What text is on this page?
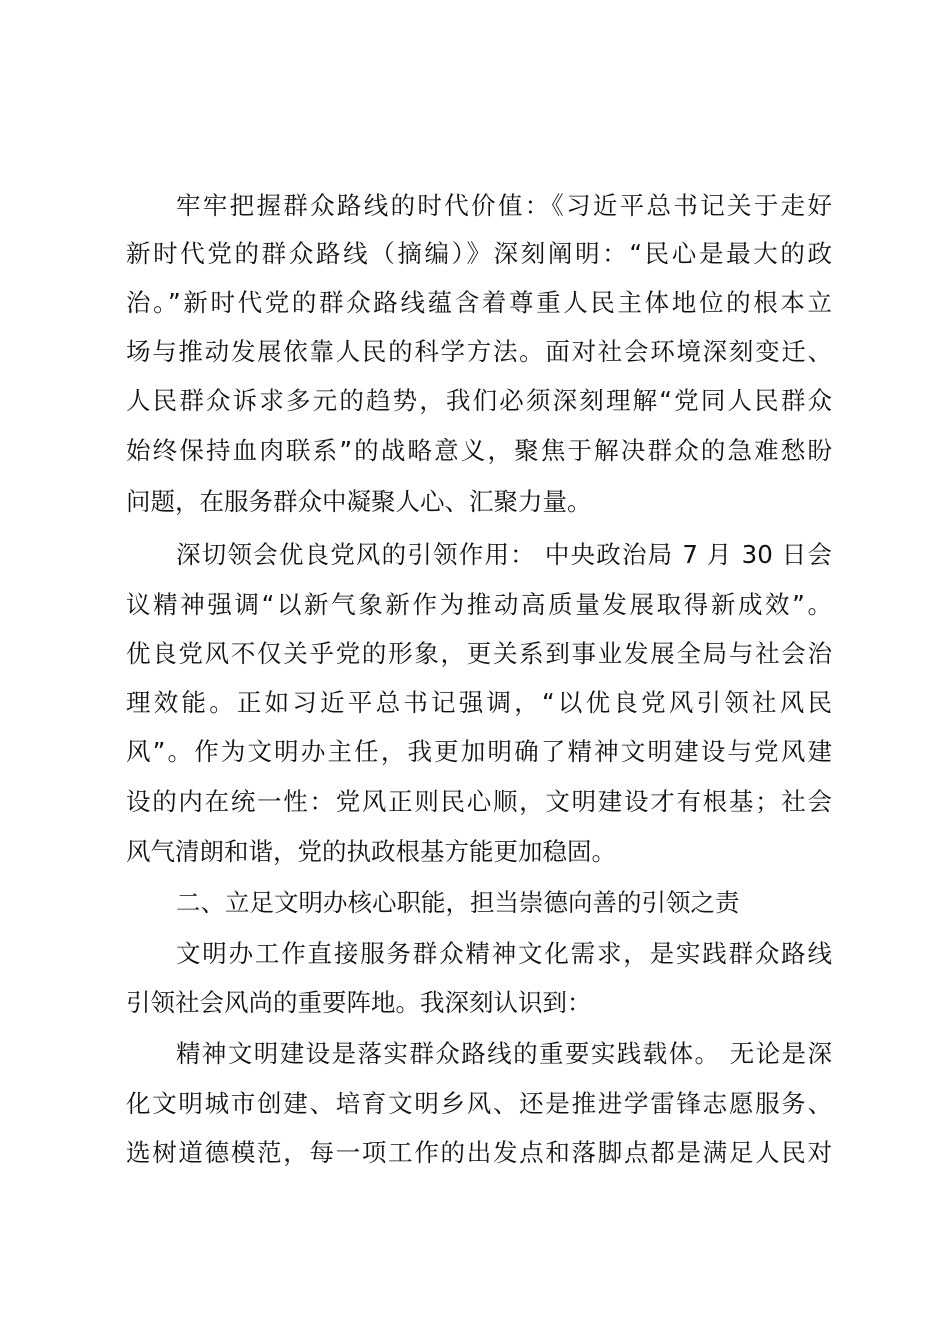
牢牢把握群众路线的时代价值：《习近平总书记关于走好
新时代党的群众路线（摘编）》深刻阐明：“民心是最大的政
治。”新时代党的群众路线蕴含着尊重人民主体地位的根本立
场与推动发展依靠人民的科学方法。面对社会环境深刻变迁、
人民群众诉求多元的趋势，我们必须深刻理解“党同人民群众
始终保持血肉联系”的战略意义，聚焦于解决群众的急难愁盼
问题，在服务群众中凝聚人心、汇聚力量。
深切领会优良党风的引领作用： 中央政治局 7 月 30 日会
议精神强调“以新气象新作为推动高质量发展取得新成效”。
优良党风不仅关乎党的形象，更关系到事业发展全局与社会治
理效能。正如习近平总书记强调，“以优良党风引领社风民
风”。作为文明办主任，我更加明确了精神文明建设与党风建
设的内在统一性：党风正则民心顺，文明建设才有根基；社会
风气清朗和谐，党的执政根基方能更加稳固。
二、立足文明办核心职能，担当崇德向善的引领之责
文明办工作直接服务群众精神文化需求，是实践群众路线
引领社会风尚的重要阵地。我深刻认识到：
精神文明建设是落实群众路线的重要实践载体。 无论是深
化文明城市创建、培育文明乡风、还是推进学雷锋志愿服务、
选树道德模范，每一项工作的出发点和落脚点都是满足人民对
